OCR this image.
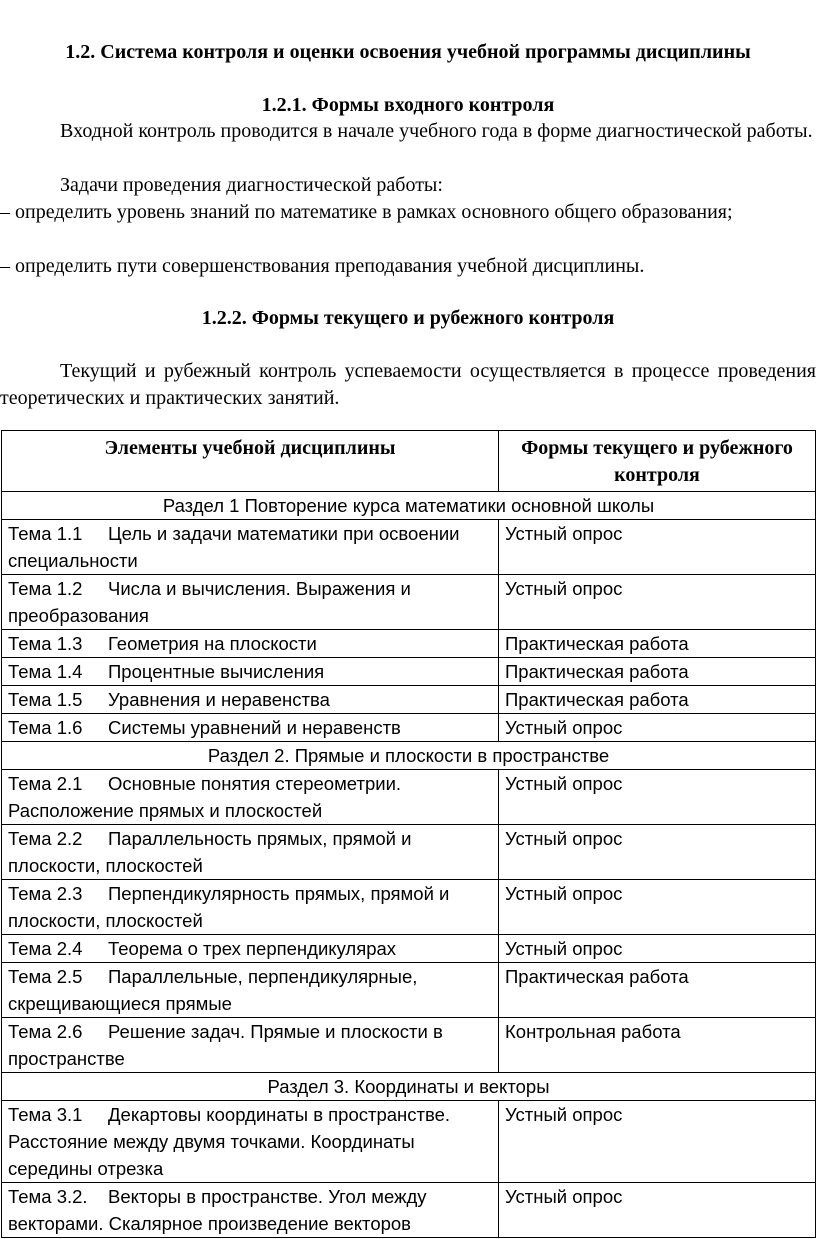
1.2. Система контроля и оценки освоения учебной программы дисциплины
1.2.1. Формы входного контроля
Входной контроль проводится в начале учебного года в форме диагностической работы.
Задачи проведения диагностической работы:
– определить уровень знаний по математике в рамках основного общего образования;
– определить пути совершенствования преподавания учебной дисциплины.
1.2.2. Формы текущего и рубежного контроля
Текущий и рубежный контроль успеваемости осуществляется в процессе проведения теоретических и практических занятий.
Элементы учебной дисциплины	Формы текущего и рубежного контроля
Раздел 1 Повторение курса математики основной школы	
Тема 1.1 Цель и задачи математики при освоении специальности	Устный опрос
Тема 1.2 Числа и вычисления. Выражения и преобразования	Устный опрос
Тема 1.3 Геометрия на плоскости	Практическая работа
Тема 1.4 Процентные вычисления	Практическая работа
Тема 1.5 Уравнения и неравенства	Практическая работа
Тема 1.6 Системы уравнений и неравенств	Устный опрос
Раздел 2. Прямые и плоскости в пространстве	
Тема 2.1 Основные понятия стереометрии. Расположение прямых и плоскостей	Устный опрос
Тема 2.2 Параллельность прямых, прямой и плоскости, плоскостей	Устный опрос
Тема 2.3 Перпендикулярность прямых, прямой и плоскости, плоскостей	Устный опрос
Тема 2.4 Теорема о трех перпендикулярах	Устный опрос
Тема 2.5 Параллельные, перпендикулярные, скрещивающиеся прямые	Практическая работа
Тема 2.6 Решение задач. Прямые и плоскости в пространстве	Контрольная работа
Раздел 3. Координаты и векторы	
Тема 3.1 Декартовы координаты в пространстве. Расстояние между двумя точками. Координаты середины отрезка	Устный опрос
Тема 3.2. Векторы в пространстве. Угол между векторами. Скалярное произведение векторов	Устный опрос
